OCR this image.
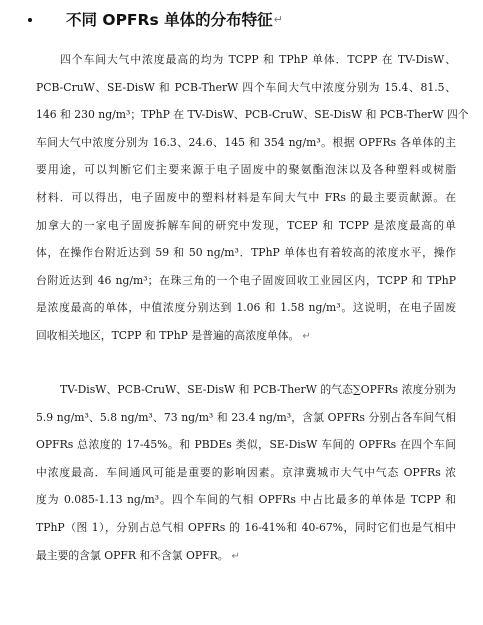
不同 OPFRs 单体的分布特征 ↵
四个车间大气中浓度最高的均为 TCPP 和 TPhP 单体．TCPP 在 TV-DisW、
PCB-CruW、SE-DisW 和 PCB-TherW 四个车间大气中浓度分别为 15.4、81.5、
146 和 230 ng/m³；TPhP 在 TV-DisW、PCB-CruW、SE-DisW 和 PCB-TherW 四个
车间大气中浓度分别为 16.3、24.6、145 和 354 ng/m³。根据 OPFRs 各单体的主
要用途，可以判断它们主要来源于电子固废中的聚氨酯泡沫以及各种塑料或树脂
材料．可以得出，电子固废中的塑料材料是车间大气中 FRs 的最主要贡献源。在
加拿大的一家电子固废拆解车间的研究中发现，TCEP 和 TCPP 是浓度最高的单
体，在操作台附近达到 59 和 50 ng/m³．TPhP 单体也有着较高的浓度水平，操作
台附近达到 46 ng/m³；在珠三角的一个电子固废回收工业园区内，TCPP 和 TPhP
是浓度最高的单体，中值浓度分别达到 1.06 和 1.58 ng/m³。这说明，在电子固废
回收相关地区，TCPP 和 TPhP 是普遍的高浓度单体。 ↵
TV-DisW、PCB-CruW、SE-DisW 和 PCB-TherW 的气态∑OPFRs 浓度分别为
5.9 ng/m³、5.8 ng/m³、73 ng/m³ 和 23.4 ng/m³，含氯 OPFRs 分别占各车间气相
OPFRs 总浓度的 17-45%。和 PBDEs 类似，SE-DisW 车间的 OPFRs 在四个车间
中浓度最高．车间通风可能是重要的影响因素。京津冀城市大气中气态 OPFRs 浓
度为 0.085-1.13 ng/m³。四个车间的气相 OPFRs 中占比最多的单体是 TCPP 和
TPhP（图 1），分别占总气相 OPFRs 的 16-41%和 40-67%，同时它们也是气相中
最主要的含氯 OPFR 和不含氯 OPFR。 ↵
